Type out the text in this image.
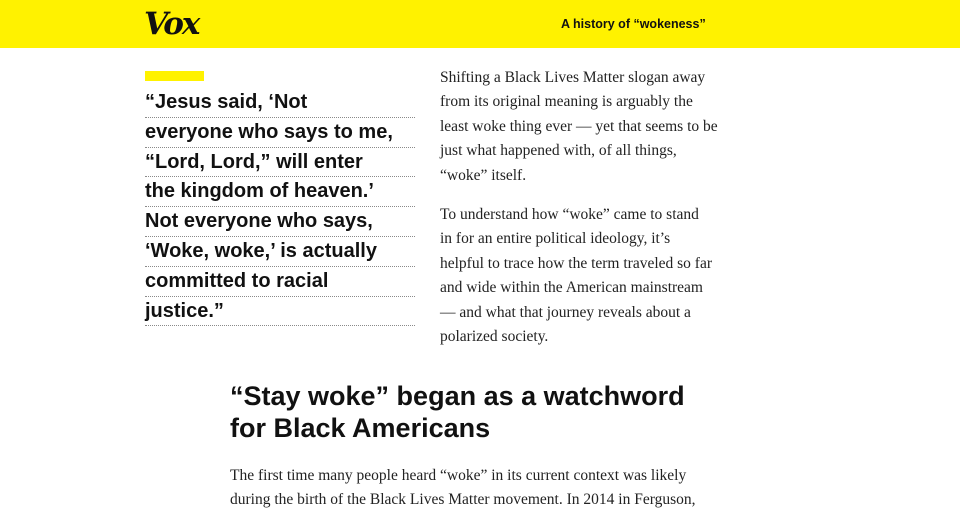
Vox	A history of “wokeness”
“Jesus said, ‘Not
everyone who says to me,
“Lord, Lord,” will enter
the kingdom of heaven.’
Not everyone who says,
‘Woke, woke,’ is actually
committed to racial
justice.”

Shifting a Black Lives Matter slogan away
from its original meaning is arguably the
least woke thing ever — yet that seems to be
just what happened with, of all things,
“woke” itself.

To understand how “woke” came to stand
in for an entire political ideology, it’s
helpful to trace how the term traveled so far
and wide within the American mainstream
— and what that journey reveals about a
polarized society.

“Stay woke” began as a watchword
for Black Americans

The first time many people heard “woke” in its current context was likely
during the birth of the Black Lives Matter movement. In 2014 in Ferguson,
